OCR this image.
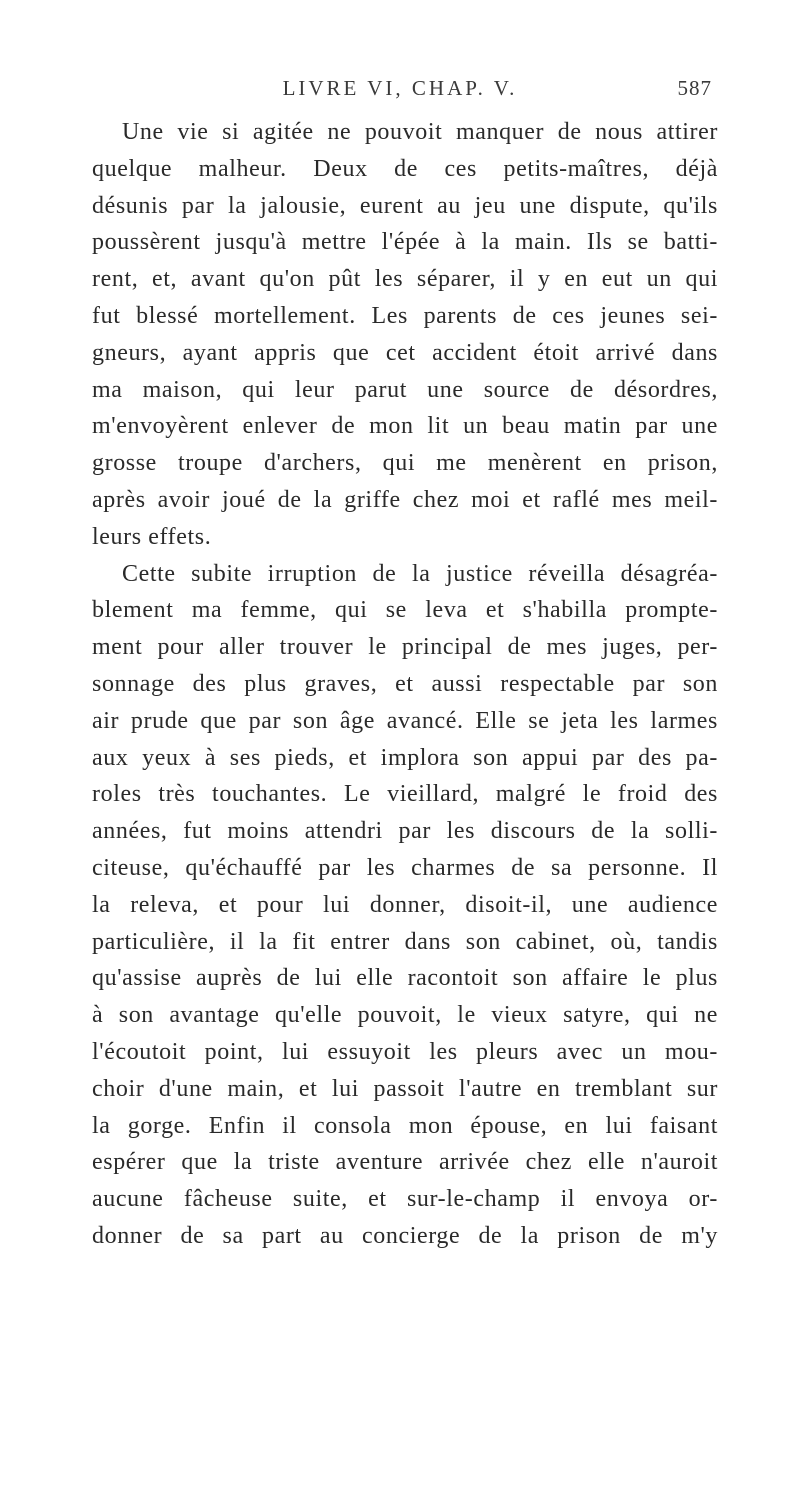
LIVRE VI, CHAP. V.	587
Une vie si agitée ne pouvoit manquer de nous attirer
quelque malheur. Deux de ces petits-maîtres, déjà
désunis par la jalousie, eurent au jeu une dispute, qu'ils
poussèrent jusqu'à mettre l'épée à la main. Ils se batti-
rent, et, avant qu'on pût les séparer, il y en eut un qui
fut blessé mortellement. Les parents de ces jeunes sei-
gneurs, ayant appris que cet accident étoit arrivé dans
ma maison, qui leur parut une source de désordres,
m'envoyèrent enlever de mon lit un beau matin par une
grosse troupe d'archers, qui me menèrent en prison,
après avoir joué de la griffe chez moi et raflé mes meil-
leurs effets.
Cette subite irruption de la justice réveilla désagréa-
blement ma femme, qui se leva et s'habilla prompte-
ment pour aller trouver le principal de mes juges, per-
sonnage des plus graves, et aussi respectable par son
air prude que par son âge avancé. Elle se jeta les larmes
aux yeux à ses pieds, et implora son appui par des pa-
roles très touchantes. Le vieillard, malgré le froid des
années, fut moins attendri par les discours de la solli-
citeuse, qu'échauffé par les charmes de sa personne. Il
la releva, et pour lui donner, disoit-il, une audience
particulière, il la fit entrer dans son cabinet, où, tandis
qu'assise auprès de lui elle racontoit son affaire le plus
à son avantage qu'elle pouvoit, le vieux satyre, qui ne
l'écoutoit point, lui essuyoit les pleurs avec un mou-
choir d'une main, et lui passoit l'autre en tremblant sur
la gorge. Enfin il consola mon épouse, en lui faisant
espérer que la triste aventure arrivée chez elle n'auroit
aucune fâcheuse suite, et sur-le-champ il envoya or-
donner de sa part au concierge de la prison de m'y
